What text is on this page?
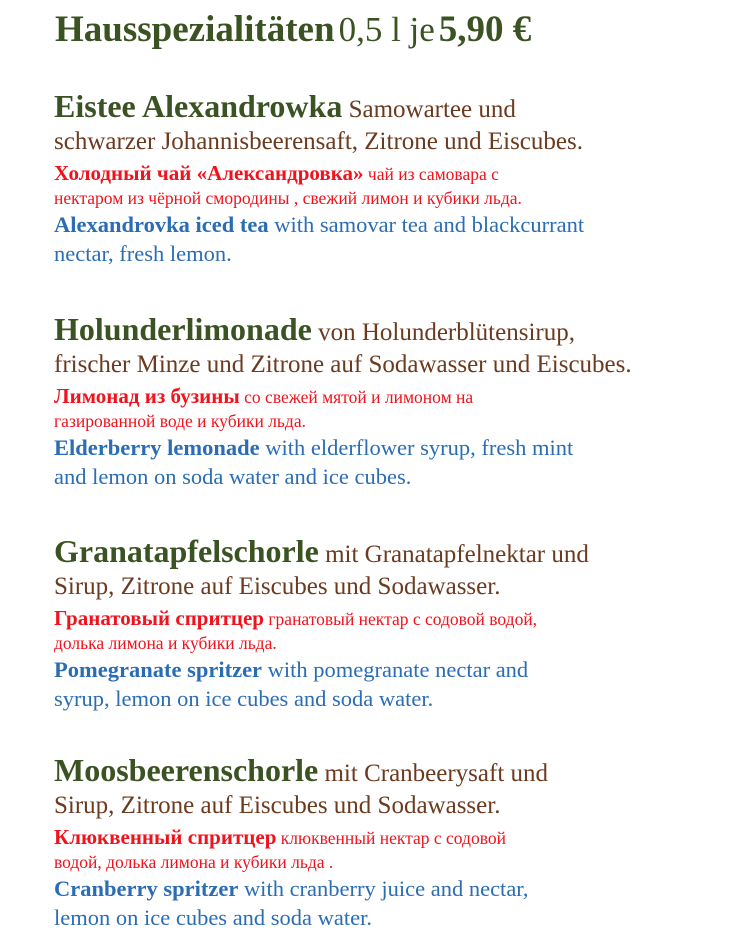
Hausspezialitäten 0,5 l je 5,90 €
Eistee Alexandrowka Samowartee und
schwarzer Johannisbeerensaft, Zitrone und Eiscubes.
Холодный чай «Александровка» чай из самовара с
нектаром из чёрной смородины , свежий лимон и кубики льда.
Alexandrovka iced tea with samovar tea and blackcurrant
nectar, fresh lemon.
Holunderlimonade von Holunderblütensirup,
frischer Minze und Zitrone auf Sodawasser und Eiscubes.
Лимонад из бузины со свежей мятой и лимоном на
газированной воде и кубики льда.
Elderberry lemonade with elderflower syrup, fresh mint
and lemon on soda water and ice cubes.
Granatapfelschorle mit Granatapfelnektar und
Sirup, Zitrone auf Eiscubes und Sodawasser.
Гранатовый спритцер гранатовый нектар с содовой водой,
долька лимона и кубики льда.
Pomegranate spritzer with pomegranate nectar and
syrup, lemon on ice cubes and soda water.
Moosbeerenschorle mit Cranbeerysaft und
Sirup, Zitrone auf Eiscubes und Sodawasser.
Клюквенный спритцер клюквенный нектар с содовой
водой, долька лимона и кубики льда .
Cranberry spritzer with cranberry juice and nectar,
lemon on ice cubes and soda water.
